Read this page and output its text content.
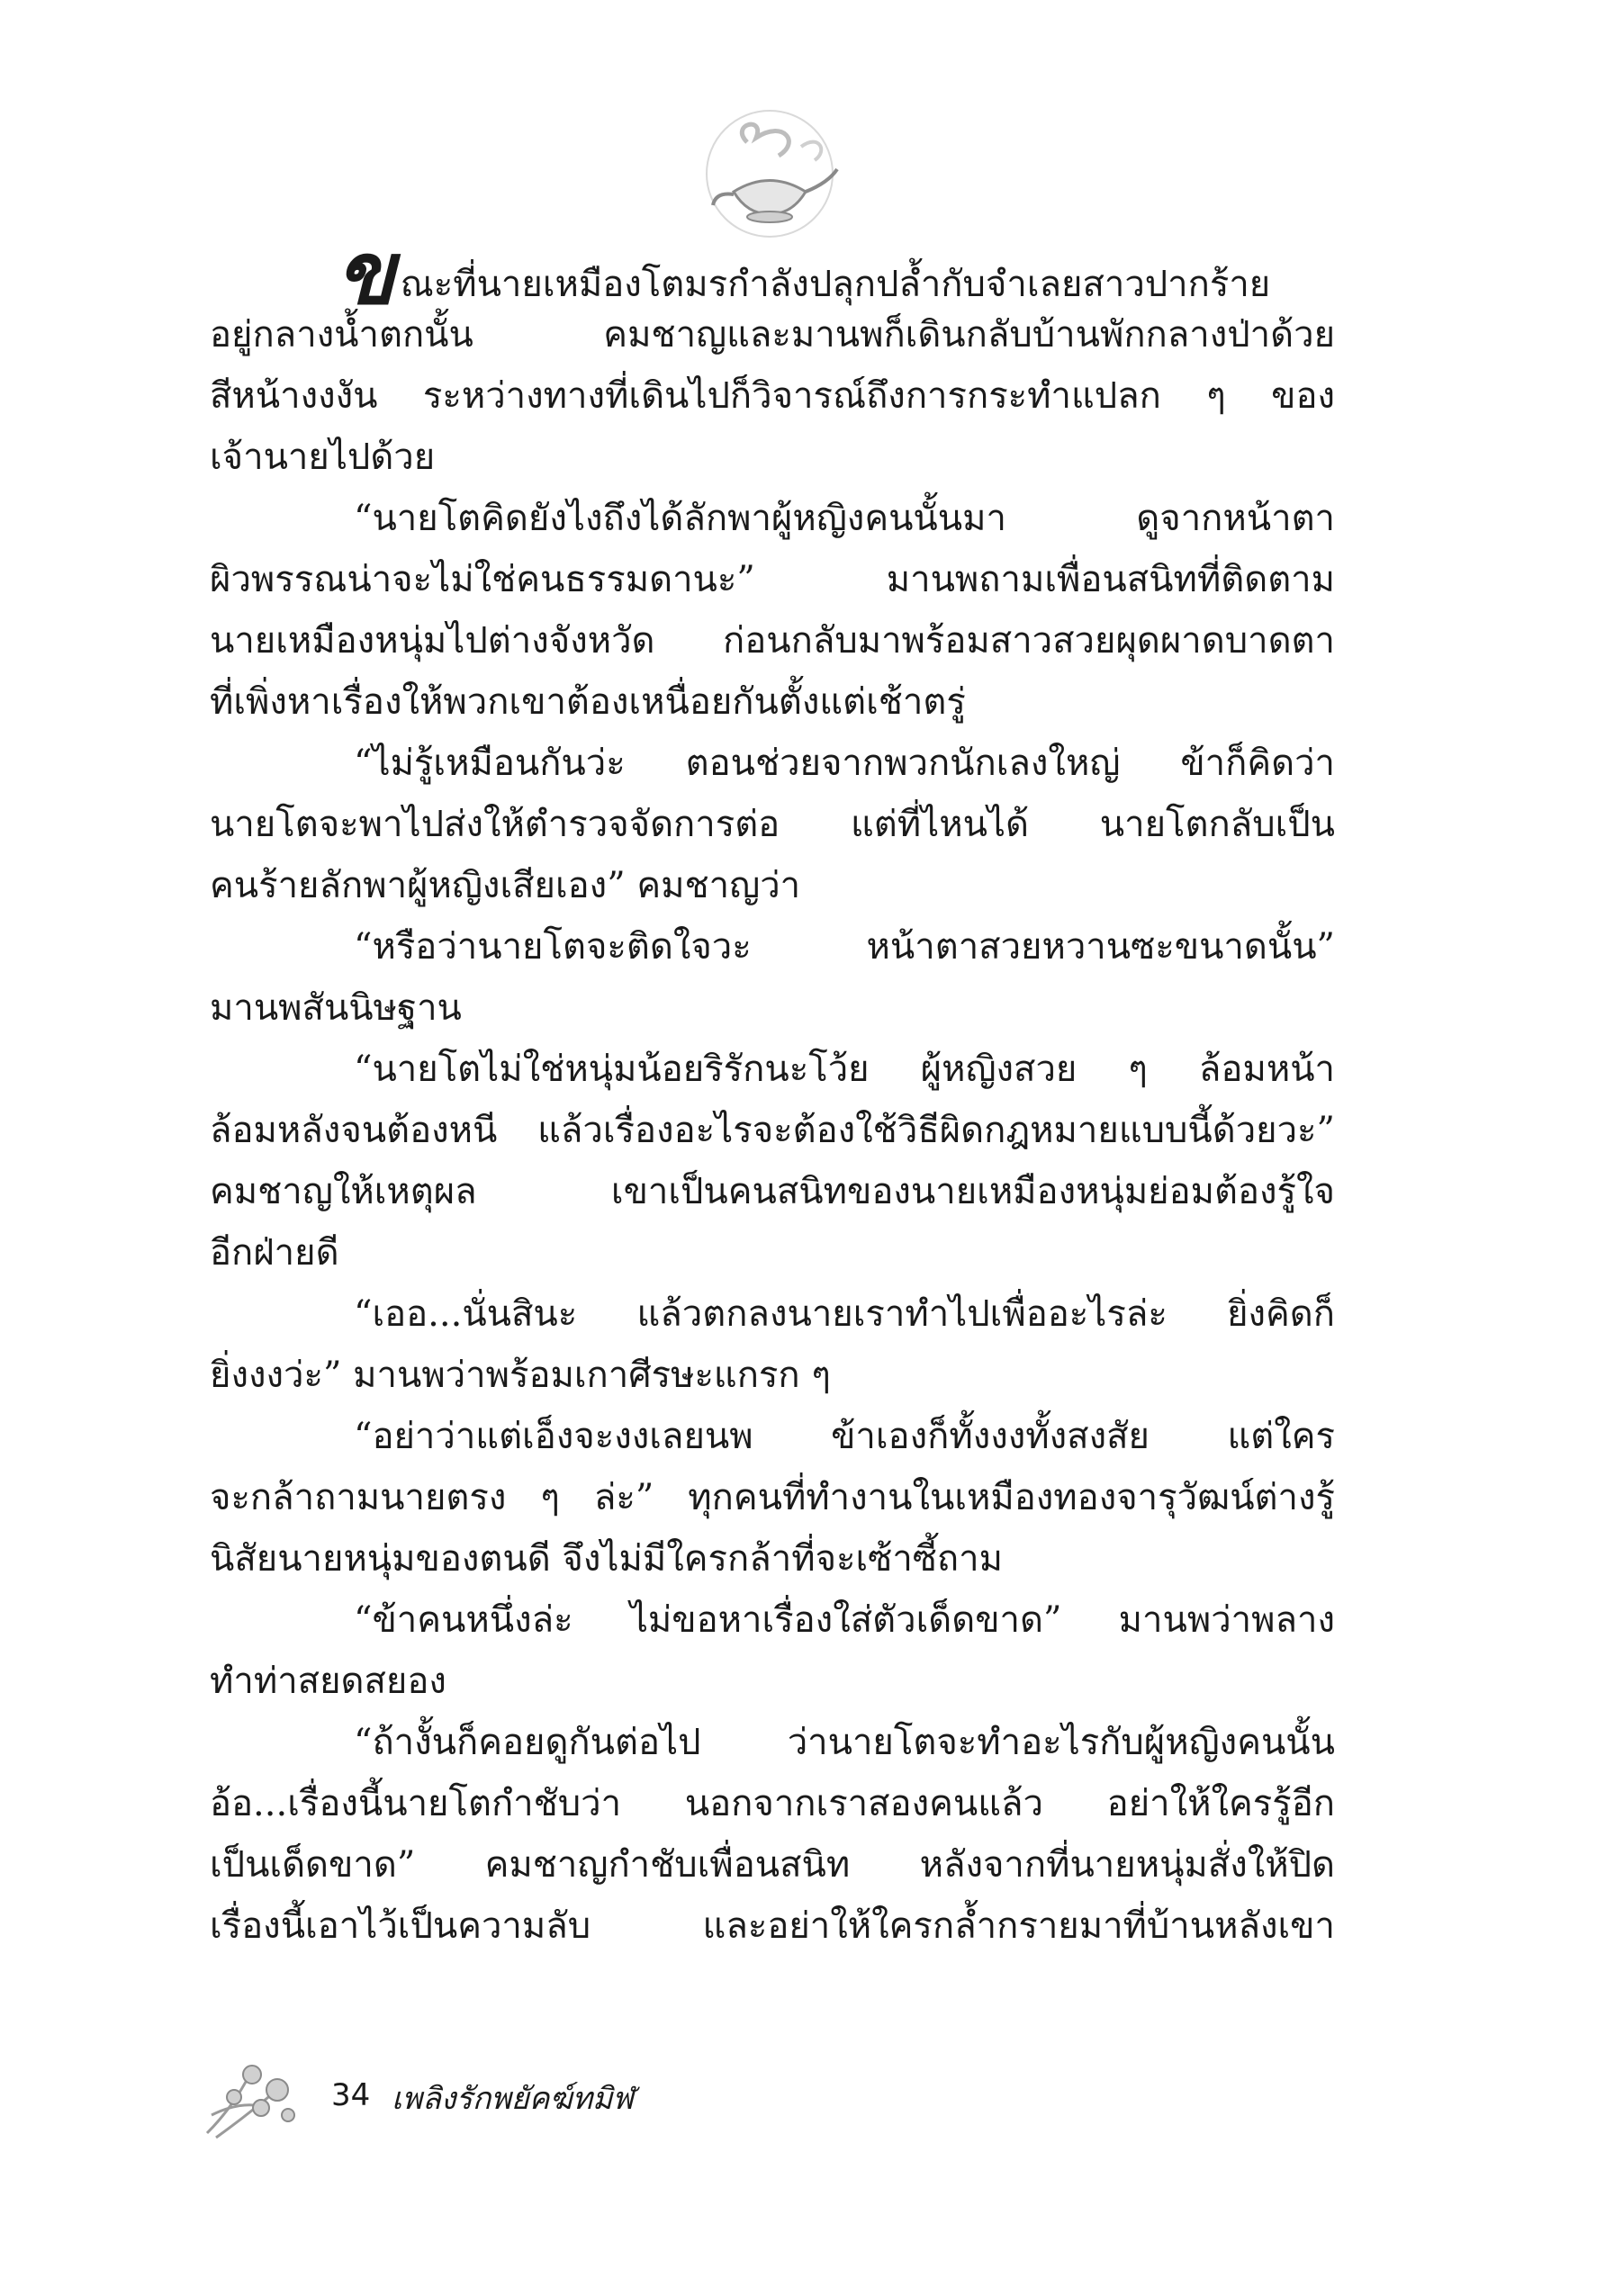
ขณะที่นายเหมืองโตมรกำลังปลุกปล้ำกับจำเลยสาวปากร้าย
อยู่กลางน้ำตกนั้น คมชาญและมานพก็เดินกลับบ้านพักกลางป่าด้วย
สีหน้างงงัน ระหว่างทางที่เดินไปก็วิจารณ์ถึงการกระทำแปลก ๆ ของ
เจ้านายไปด้วย
“นายโตคิดยังไงถึงได้ลักพาผู้หญิงคนนั้นมา ดูจากหน้าตา
ผิวพรรณน่าจะไม่ใช่คนธรรมดานะ” มานพถามเพื่อนสนิทที่ติดตาม
นายเหมืองหนุ่มไปต่างจังหวัด ก่อนกลับมาพร้อมสาวสวยผุดผาดบาดตา
ที่เพิ่งหาเรื่องให้พวกเขาต้องเหนื่อยกันตั้งแต่เช้าตรู่
“ไม่รู้เหมือนกันว่ะ ตอนช่วยจากพวกนักเลงใหญ่ ข้าก็คิดว่า
นายโตจะพาไปส่งให้ตำรวจจัดการต่อ แต่ที่ไหนได้ นายโตกลับเป็น
คนร้ายลักพาผู้หญิงเสียเอง” คมชาญว่า
“หรือว่านายโตจะติดใจวะ หน้าตาสวยหวานซะขนาดนั้น”
มานพสันนิษฐาน
“นายโตไม่ใช่หนุ่มน้อยริรักนะโว้ย ผู้หญิงสวย ๆ ล้อมหน้า
ล้อมหลังจนต้องหนี แล้วเรื่องอะไรจะต้องใช้วิธีผิดกฎหมายแบบนี้ด้วยวะ”
คมชาญให้เหตุผล เขาเป็นคนสนิทของนายเหมืองหนุ่มย่อมต้องรู้ใจ
อีกฝ่ายดี
“เออ...นั่นสินะ แล้วตกลงนายเราทำไปเพื่ออะไรล่ะ ยิ่งคิดก็
ยิ่งงงว่ะ” มานพว่าพร้อมเกาศีรษะแกรก ๆ
“อย่าว่าแต่เอ็งจะงงเลยนพ ข้าเองก็ทั้งงงทั้งสงสัย แต่ใคร
จะกล้าถามนายตรง ๆ ล่ะ” ทุกคนที่ทำงานในเหมืองทองจารุวัฒน์ต่างรู้
นิสัยนายหนุ่มของตนดี จึงไม่มีใครกล้าที่จะเซ้าซี้ถาม
“ข้าคนหนึ่งล่ะ ไม่ขอหาเรื่องใส่ตัวเด็ดขาด” มานพว่าพลาง
ทำท่าสยดสยอง
“ถ้างั้นก็คอยดูกันต่อไป ว่านายโตจะทำอะไรกับผู้หญิงคนนั้น
อ้อ...เรื่องนี้นายโตกำชับว่า นอกจากเราสองคนแล้ว อย่าให้ใครรู้อีก
เป็นเด็ดขาด” คมชาญกำชับเพื่อนสนิท หลังจากที่นายหนุ่มสั่งให้ปิด
เรื่องนี้เอาไว้เป็นความลับ และอย่าให้ใครกล้ำกรายมาที่บ้านหลังเขา
34 เพลิงรักพยัคฆ์ทมิฬ
